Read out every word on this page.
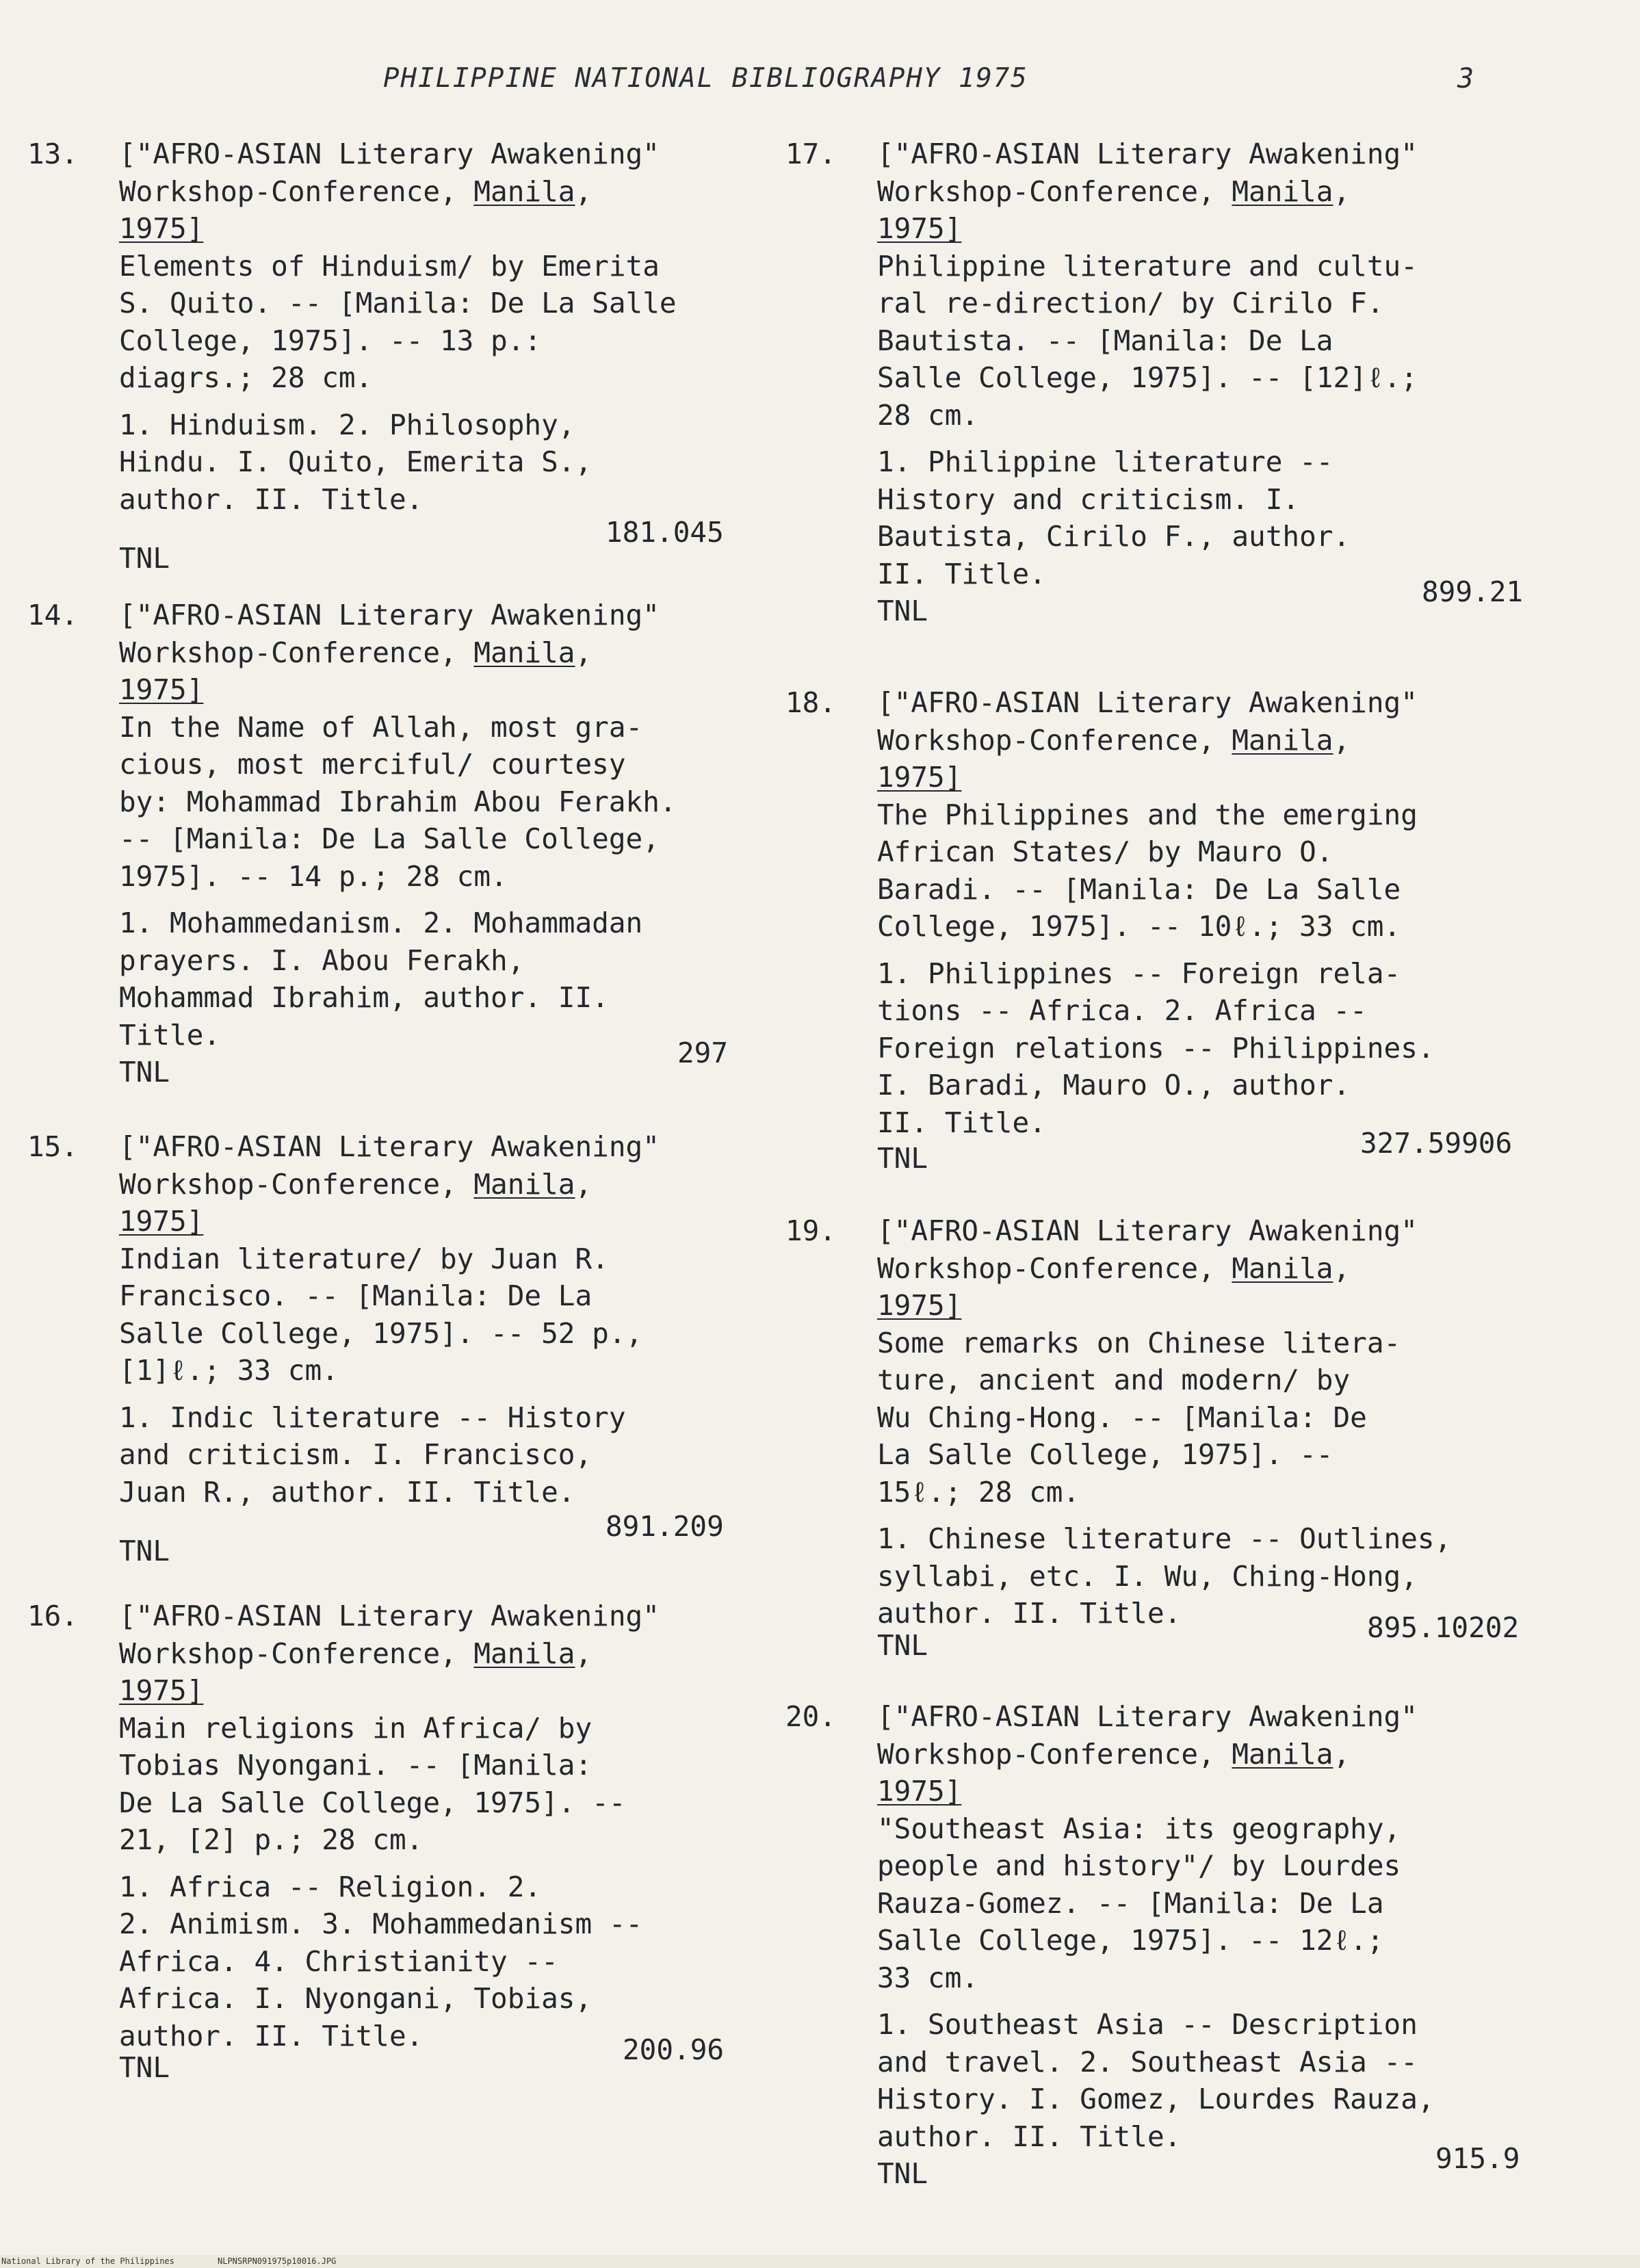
PHILIPPINE NATIONAL BIBLIOGRAPHY 1975	3
13. ["AFRO-ASIAN Literary Awakening"
Workshop-Conference, Manila,
1975]
Elements of Hinduism/ by Emerita
S. Quito. -- [Manila: De La Salle
College, 1975]. -- 13 p.:
diagrs.; 28 cm.
1. Hinduism. 2. Philosophy,
Hindu. I. Quito, Emerita S.,
author. II. Title.
TNL
181.045
14. ["AFRO-ASIAN Literary Awakening"
Workshop-Conference, Manila,
1975]
In the Name of Allah, most gra-
cious, most merciful/ courtesy
by: Mohammad Ibrahim Abou Ferakh.
-- [Manila: De La Salle College,
1975]. -- 14 p.; 28 cm.
1. Mohammedanism. 2. Mohammadan
prayers. I. Abou Ferakh,
Mohammad Ibrahim, author. II.
Title.
TNL
297
15. ["AFRO-ASIAN Literary Awakening"
Workshop-Conference, Manila,
1975]
Indian literature/ by Juan R.
Francisco. -- [Manila: De La
Salle College, 1975]. -- 52 p.,
[1]ℓ.; 33 cm.
1. Indic literature -- History
and criticism. I. Francisco,
Juan R., author. II. Title.
TNL
891.209
16. ["AFRO-ASIAN Literary Awakening"
Workshop-Conference, Manila,
1975]
Main religions in Africa/ by
Tobias Nyongani. -- [Manila:
De La Salle College, 1975]. --
21, [2] p.; 28 cm.
1. Africa -- Religion. 2.
2. Animism. 3. Mohammedanism --
Africa. 4. Christianity --
Africa. I. Nyongani, Tobias,
author. II. Title.
TNL
200.96
17. ["AFRO-ASIAN Literary Awakening"
Workshop-Conference, Manila,
1975]
Philippine literature and cultu-
ral re-direction/ by Cirilo F.
Bautista. -- [Manila: De La
Salle College, 1975]. -- [12]ℓ.;
28 cm.
1. Philippine literature --
History and criticism. I.
Bautista, Cirilo F., author.
II. Title.
TNL
899.21
18. ["AFRO-ASIAN Literary Awakening"
Workshop-Conference, Manila,
1975]
The Philippines and the emerging
African States/ by Mauro O.
Baradi. -- [Manila: De La Salle
College, 1975]. -- 10ℓ.; 33 cm.
1. Philippines -- Foreign rela-
tions -- Africa. 2. Africa --
Foreign relations -- Philippines.
I. Baradi, Mauro O., author.
II. Title.
TNL	327.59906
19. ["AFRO-ASIAN Literary Awakening"
Workshop-Conference, Manila,
1975]
Some remarks on Chinese litera-
ture, ancient and modern/ by
Wu Ching-Hong. -- [Manila: De
La Salle College, 1975]. --
15ℓ.; 28 cm.
1. Chinese literature -- Outlines,
syllabi, etc. I. Wu, Ching-Hong,
author. II. Title.
TNL
895.10202
20. ["AFRO-ASIAN Literary Awakening"
Workshop-Conference, Manila,
1975]
"Southeast Asia: its geography,
people and history"/ by Lourdes
Rauza-Gomez. -- [Manila: De La
Salle College, 1975]. -- 12ℓ.;
33 cm.
1. Southeast Asia -- Description
and travel. 2. Southeast Asia --
History. I. Gomez, Lourdes Rauza,
author. II. Title.
TNL	915.9
National Library of the Philippines	NLPNSRPN091975p10016.JPG
